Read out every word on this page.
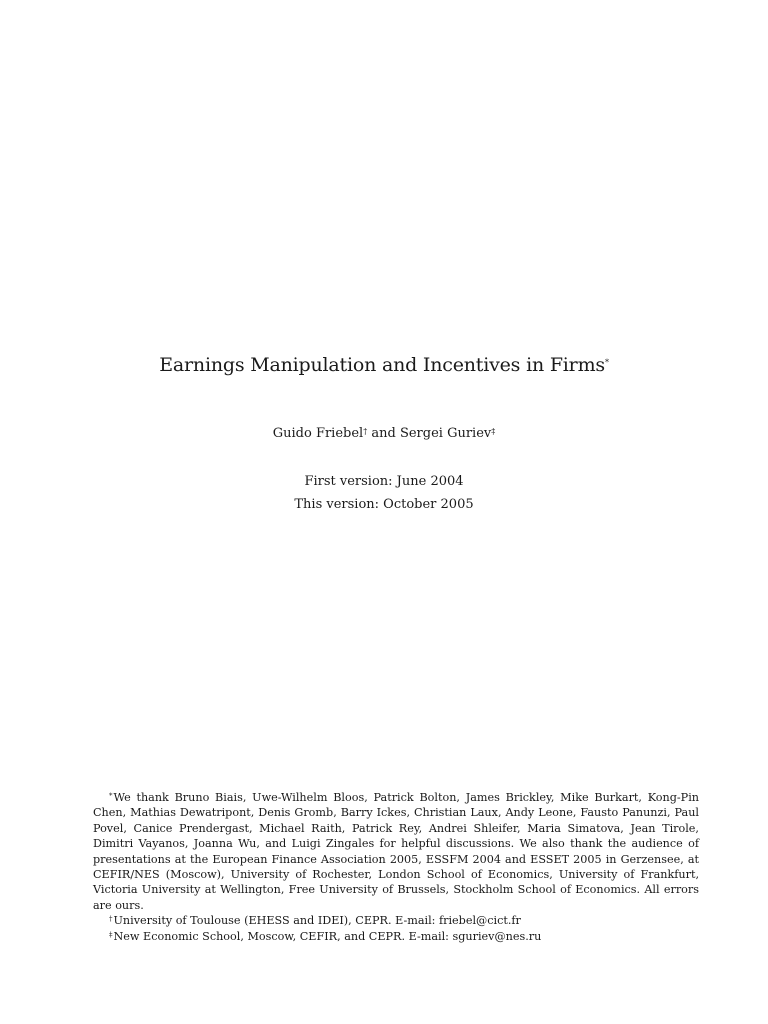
Earnings Manipulation and Incentives in Firms*
Guido Friebel† and Sergei Guriev‡
First version: June 2004
This version: October 2005

*We thank Bruno Biais, Uwe-Wilhelm Bloos, Patrick Bolton, James Brickley, Mike Burkart, Kong-Pin Chen, Mathias Dewatripont, Denis Gromb, Barry Ickes, Christian Laux, Andy Leone, Fausto Panunzi, Paul Povel, Canice Prendergast, Michael Raith, Patrick Rey, Andrei Shleifer, Maria Simatova, Jean Tirole, Dimitri Vayanos, Joanna Wu, and Luigi Zingales for helpful discussions. We also thank the audience of presentations at the European Finance Association 2005, ESSFM 2004 and ESSET 2005 in Gerzensee, at CEFIR/NES (Moscow), University of Rochester, London School of Economics, University of Frankfurt, Victoria University at Wellington, Free University of Brussels, Stockholm School of Economics. All errors are ours.

†University of Toulouse (EHESS and IDEI), CEPR. E-mail: friebel@cict.fr

‡New Economic School, Moscow, CEFIR, and CEPR. E-mail: sguriev@nes.ru
